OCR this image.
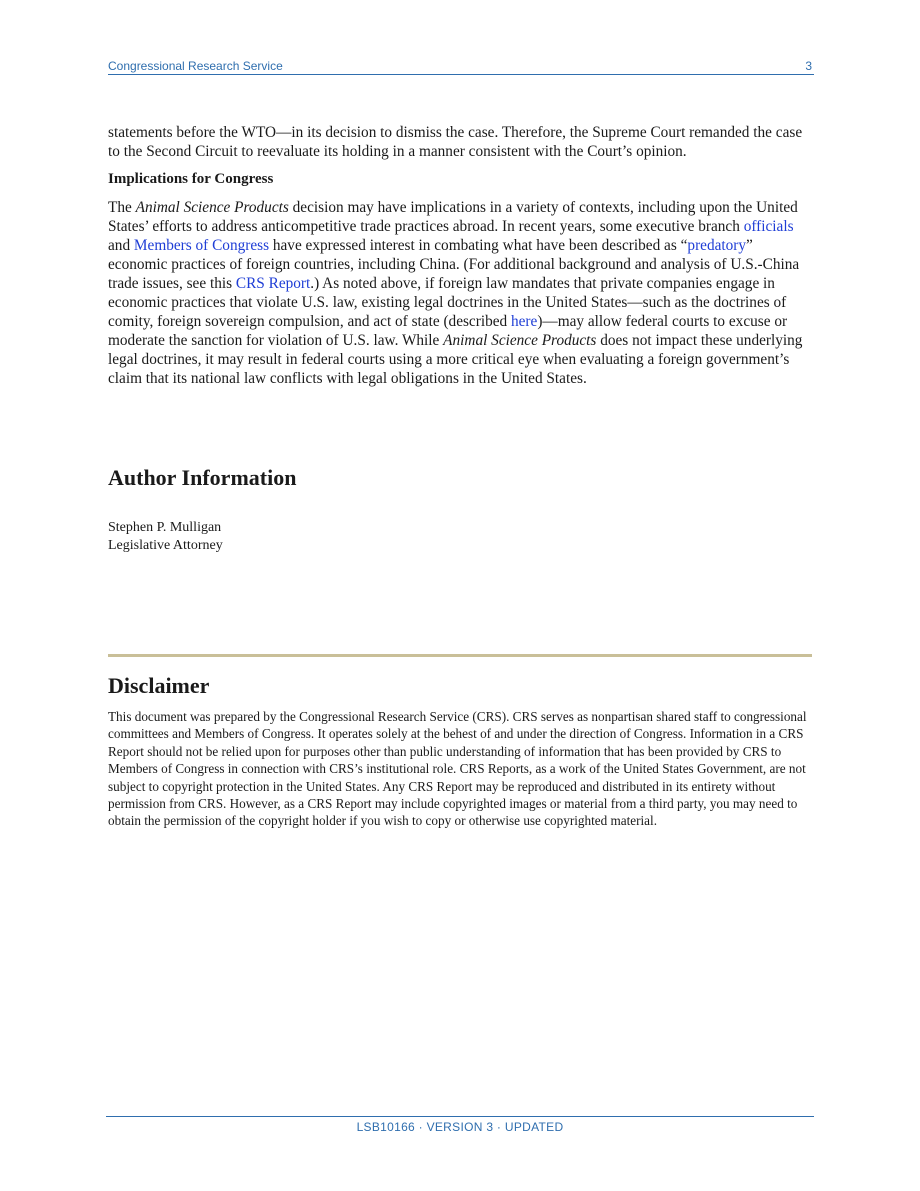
Congressional Research Service	3
statements before the WTO—in its decision to dismiss the case. Therefore, the Supreme Court remanded the case to the Second Circuit to reevaluate its holding in a manner consistent with the Court’s opinion.
Implications for Congress
The Animal Science Products decision may have implications in a variety of contexts, including upon the United States’ efforts to address anticompetitive trade practices abroad. In recent years, some executive branch officials and Members of Congress have expressed interest in combating what have been described as “predatory” economic practices of foreign countries, including China. (For additional background and analysis of U.S.-China trade issues, see this CRS Report.) As noted above, if foreign law mandates that private companies engage in economic practices that violate U.S. law, existing legal doctrines in the United States—such as the doctrines of comity, foreign sovereign compulsion, and act of state (described here)—may allow federal courts to excuse or moderate the sanction for violation of U.S. law. While Animal Science Products does not impact these underlying legal doctrines, it may result in federal courts using a more critical eye when evaluating a foreign government’s claim that its national law conflicts with legal obligations in the United States.
Author Information
Stephen P. Mulligan
Legislative Attorney
Disclaimer
This document was prepared by the Congressional Research Service (CRS). CRS serves as nonpartisan shared staff to congressional committees and Members of Congress. It operates solely at the behest of and under the direction of Congress. Information in a CRS Report should not be relied upon for purposes other than public understanding of information that has been provided by CRS to Members of Congress in connection with CRS’s institutional role. CRS Reports, as a work of the United States Government, are not subject to copyright protection in the United States. Any CRS Report may be reproduced and distributed in its entirety without permission from CRS. However, as a CRS Report may include copyrighted images or material from a third party, you may need to obtain the permission of the copyright holder if you wish to copy or otherwise use copyrighted material.
LSB10166 · VERSION 3 · UPDATED
